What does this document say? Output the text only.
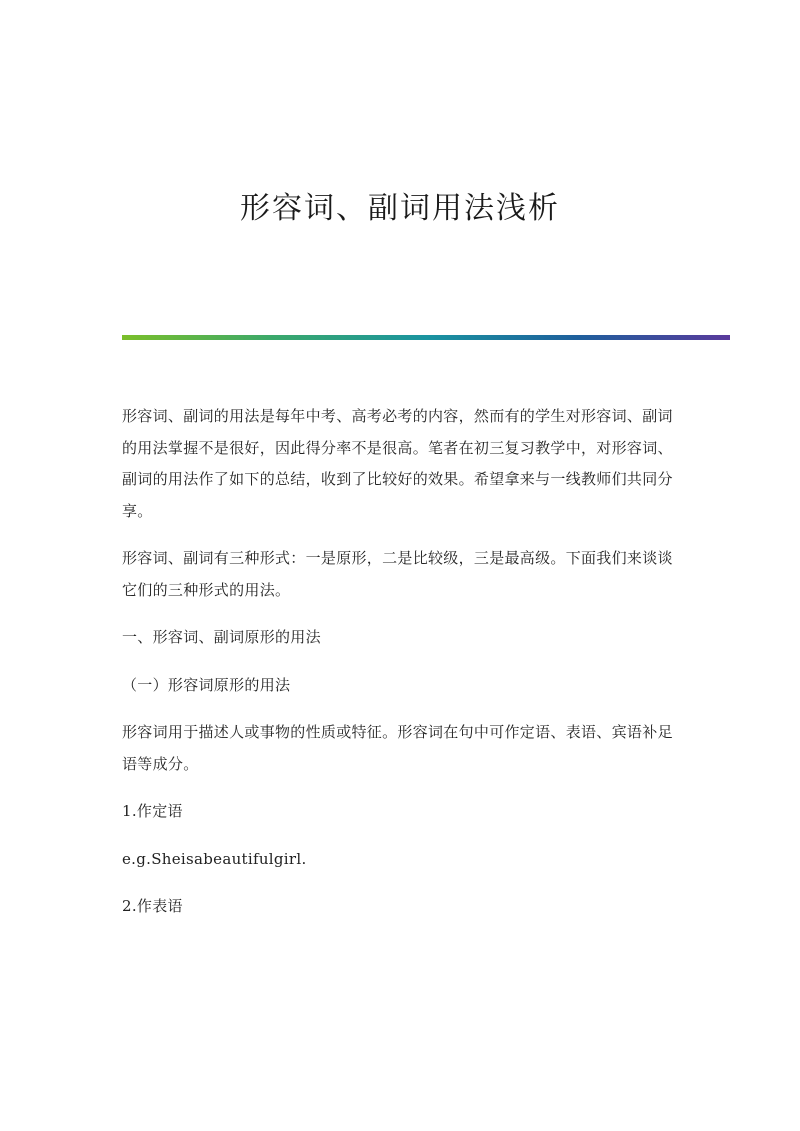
形容词、副词用法浅析

形容词、副词的用法是每年中考、高考必考的内容，然而有的学生对形容词、副词的用法掌握不是很好，因此得分率不是很高。笔者在初三复习教学中，对形容词、副词的用法作了如下的总结，收到了比较好的效果。希望拿来与一线教师们共同分享。

形容词、副词有三种形式：一是原形，二是比较级，三是最高级。下面我们来谈谈它们的三种形式的用法。

一、形容词、副词原形的用法

（一）形容词原形的用法

形容词用于描述人或事物的性质或特征。形容词在句中可作定语、表语、宾语补足语等成分。

1.作定语

e.g.Sheisabeautifulgirl.

2.作表语
